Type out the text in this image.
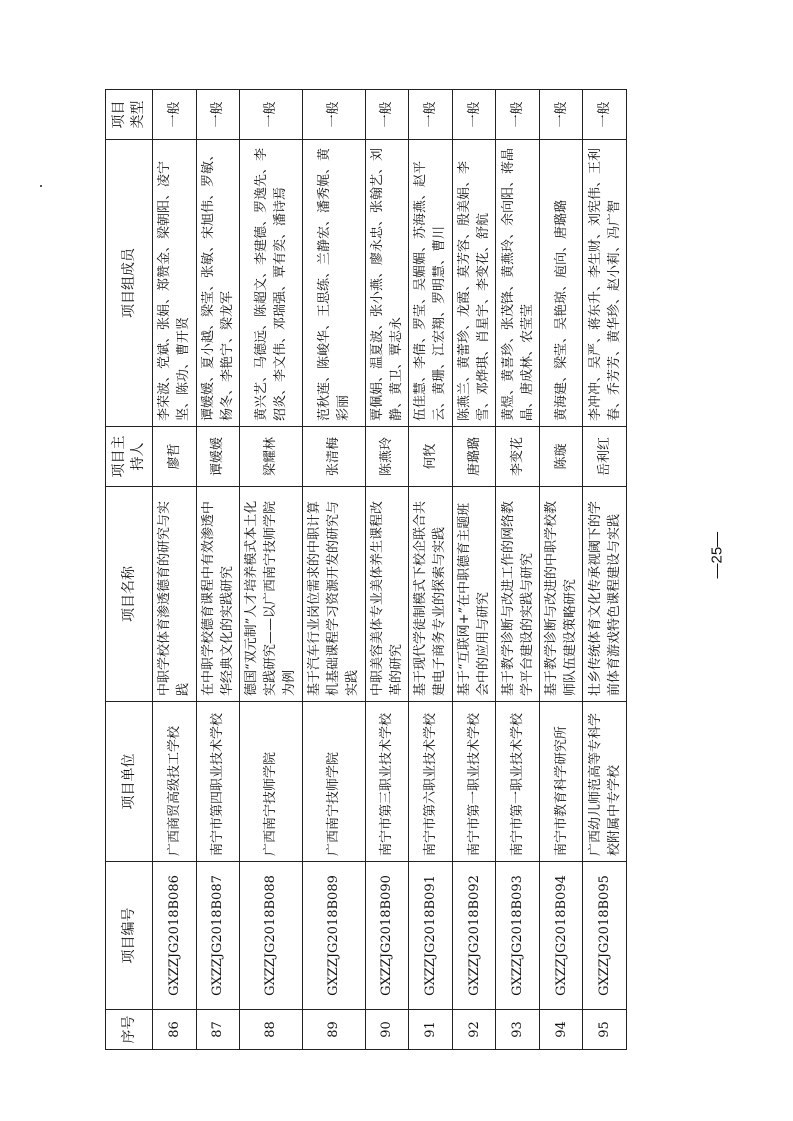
序号	项目编号	项目单位	项目名称	项目主持人	项目组成员	项目类型
86	GXZZJG2018B086	广西商贸高级技工学校	中职学校体育渗透德育的研究与实践	廖哲	李荣波、党斌、张娟、郑赞金、梁朝阳、凌宁坚、陈功、曹开贤	一般
87	GXZZJG2018B087	南宁市第四职业技术学校	在中职学校德育课程中有效渗透中华经典文化的实践研究	谭媛媛	谭媛媛、夏小越、梁莹、张敏、宋旭伟、罗敏、杨冬、李艳宁、梁龙军	一般
88	GXZZJG2018B088	广西南宁技师学院	德国“双元制”人才培养模式本土化实践研究——以广西南宁技师学院为例	梁耀林	黄兴艺、马德远、陈超文、李建德、罗逸先、李绍炎、李文伟、邓瑞强、覃有奕、潘诗焉	一般
89	GXZZJG2018B089	广西南宁技师学院	基于汽车行业岗位需求的中职计算机基础课程学习资源开发的研究与实践	张清梅	范秋莲、陈峻华、王思练、兰静宏、潘秀娓、黄彩丽	一般
90	GXZZJG2018B090	南宁市第三职业技术学校	中职美容美体专业美体养生课程改革的研究	陈燕玲	覃佩娟、温夏波、张小燕、廖永忠、张翰艺、刘静、黄卫、覃志永	一般
91	GXZZJG2018B091	南宁市第六职业技术学校	基于现代学徒制模式下校企联合共建电子商务专业的探索与实践	何牧	伍佳慧、李倩、罗莹、吴媚媚、苏海燕、赵平云、黄珊、江宏翔、罗明慧、曹川	一般
92	GXZZJG2018B092	南宁市第一职业技术学校	基于“互联网+”在中职德育主题班会中的应用与研究	唐璐璐	陈燕兰、黄蕾珍、龙霞、莫芳容、殷美娟、李雪、邓烨琪、肖星宇、李变花、舒航	一般
93	GXZZJG2018B093	南宁市第一职业技术学校	基于教学诊断与改进工作的网络教学平台建设的实践与研究	李变花	黄煜、黄喜珍、张茂锋、黄燕玲、余向阳、蒋晶晶、唐成林、农莹莹	一般
94	GXZZJG2018B094	南宁市教育科学研究所	基于教学诊断与改进的中职学校教师队伍建设策略研究	陈璇	黄海建、梁莹、吴艳琼、庖向、唐璐璐	一般
95	GXZZJG2018B095	广西幼儿师范高等专科学校附属中专学校	壮乡传统体育文化传承视阈下的学前体育游戏特色课程建设与实践	岳利红	李冲冲、吴严、蒋东升、李生财、刘宪伟、王利春、乔芳芳、黄华珍、赵小莉、冯广智	一般
—25—
